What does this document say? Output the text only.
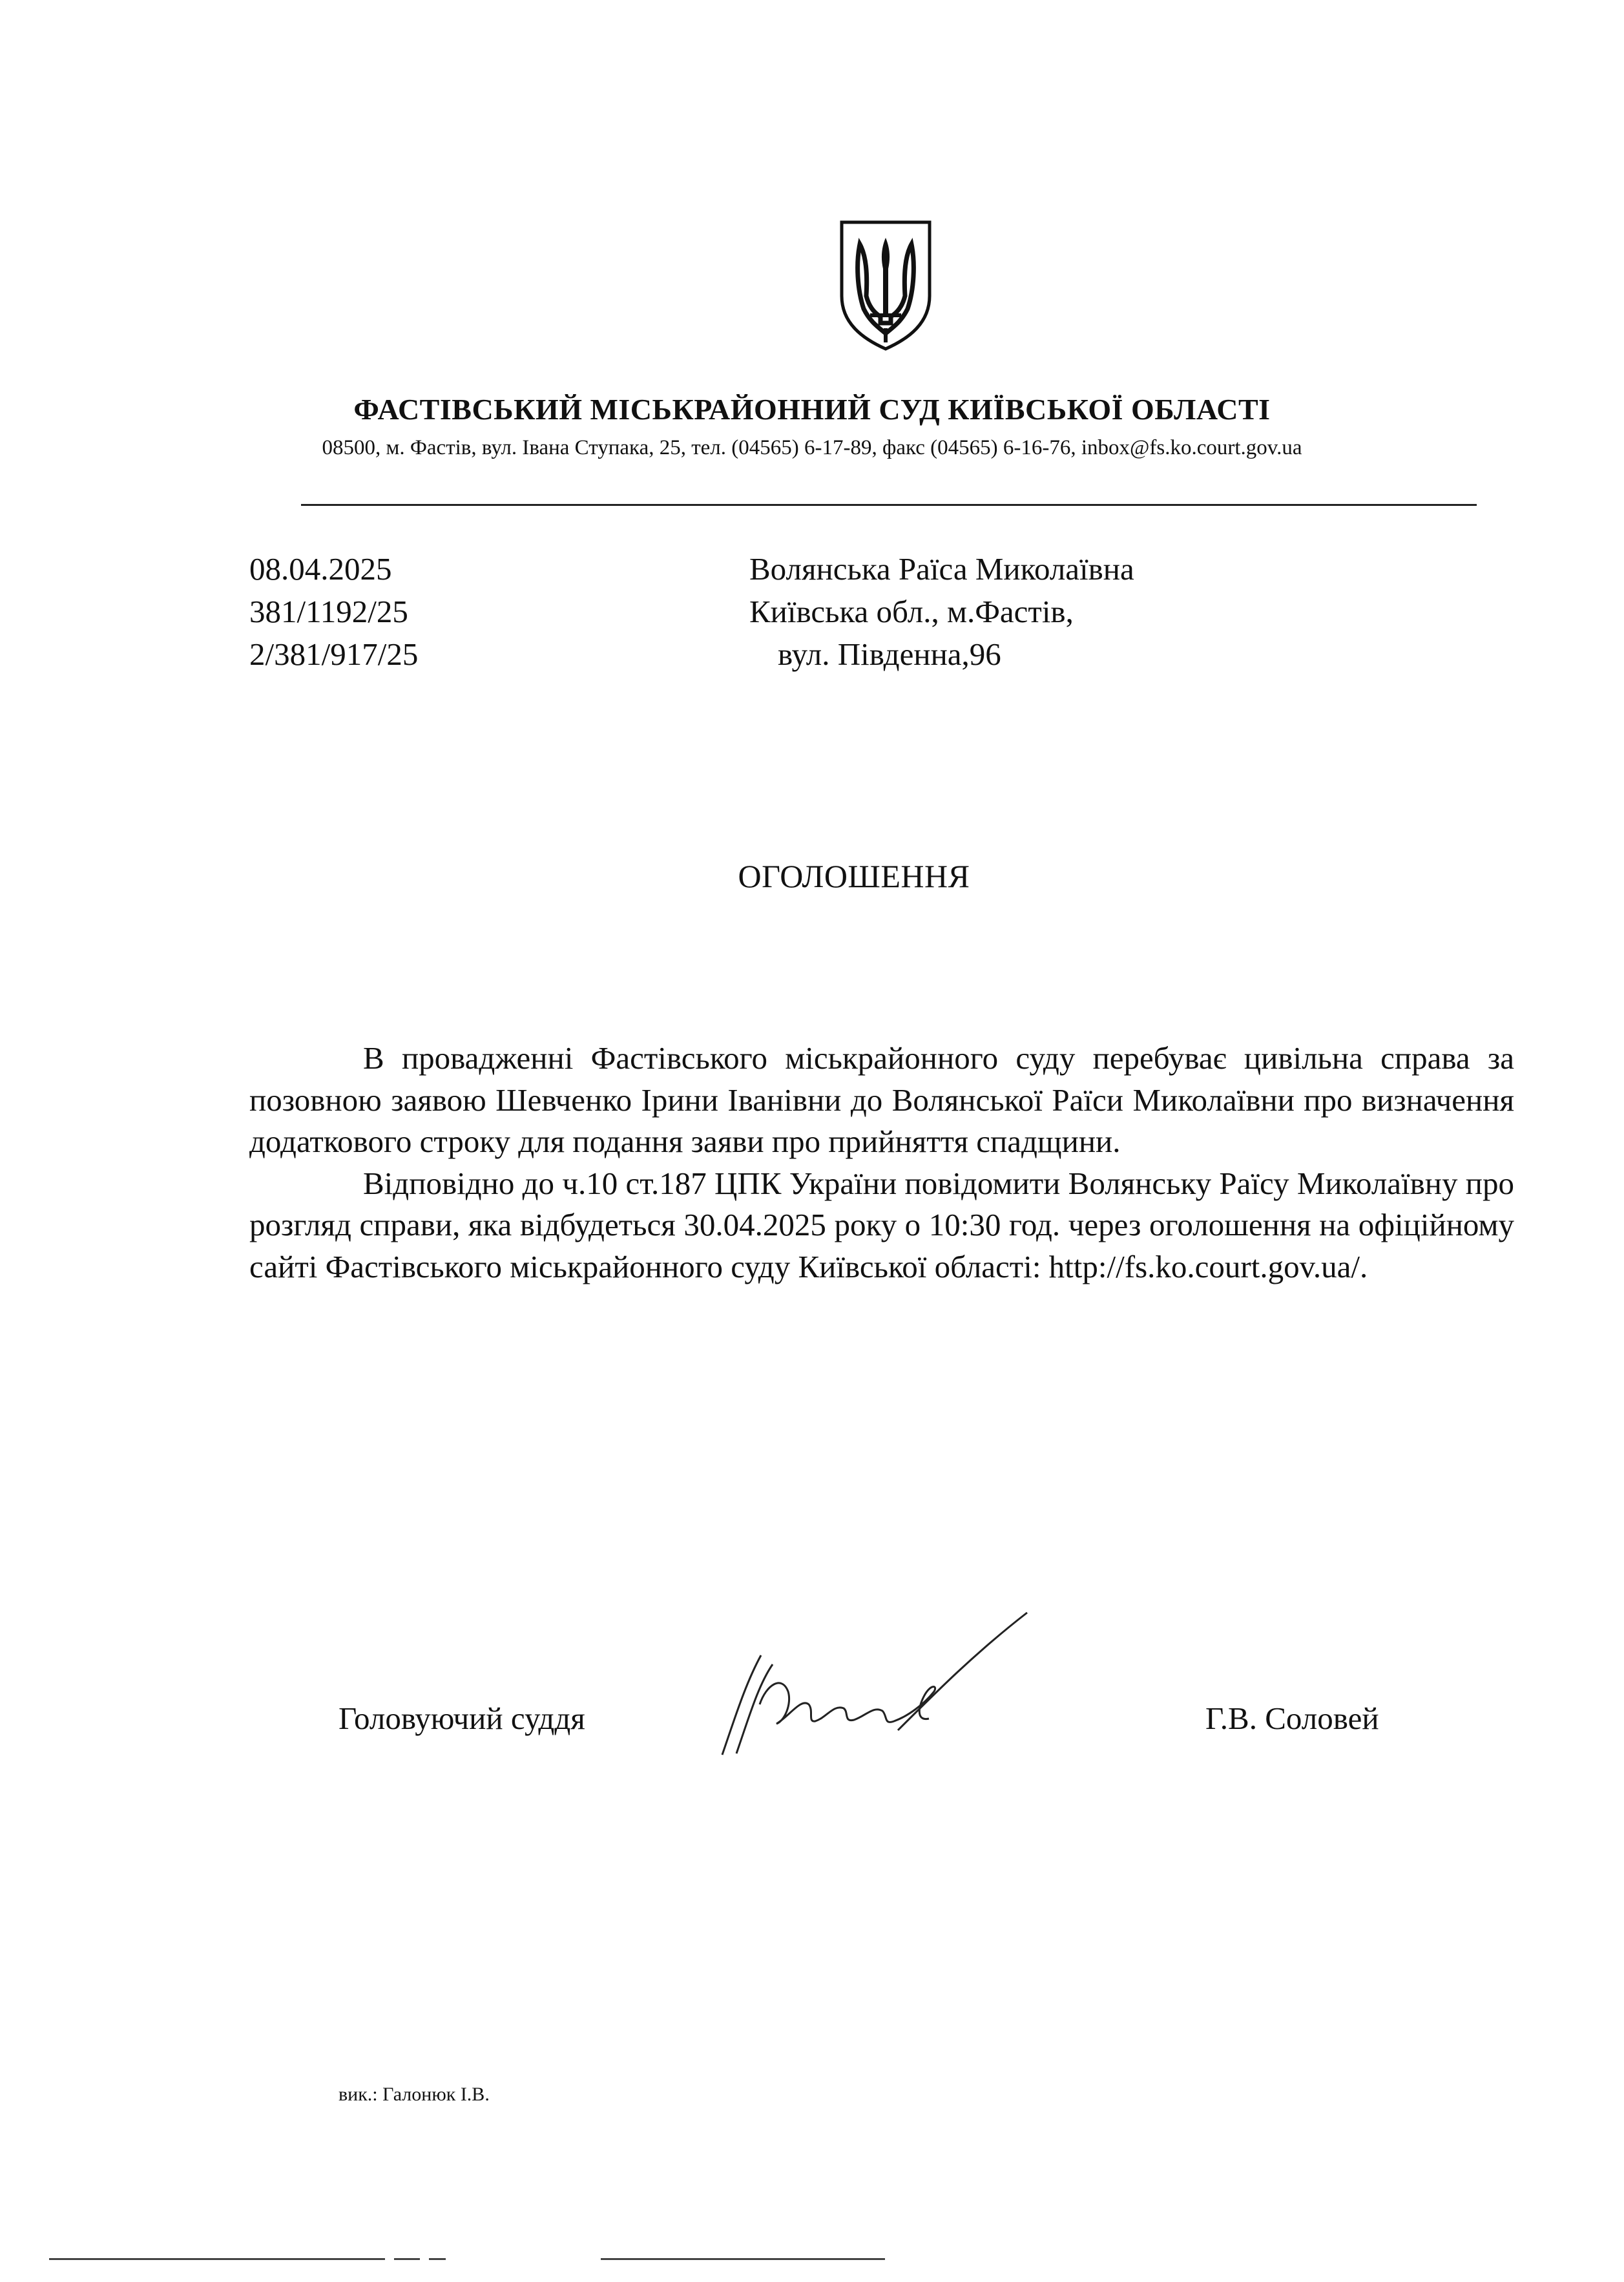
ФАСТІВСЬКИЙ МІСЬКРАЙОННИЙ СУД КИЇВСЬКОЇ ОБЛАСТІ
08500, м. Фастів, вул. Івана Ступака, 25, тел. (04565) 6-17-89, факс (04565) 6-16-76, inbox@fs.ko.court.gov.ua
08.04.2025
381/1192/25
2/381/917/25
Волянська Раїса Миколаївна
Київська обл., м.Фастів,
вул. Південна,96
ОГОЛОШЕННЯ

В провадженні Фастівського міськрайонного суду перебуває цивільна справа за позовною заявою Шевченко Ірини Іванівни до Волянської Раїси Миколаївни про визначення додаткового строку для подання заяви про прийняття спадщини.

Відповідно до ч.10 ст.187 ЦПК України повідомити Волянську Раїсу Миколаївну про розгляд справи, яка відбудеться 30.04.2025 року о 10:30 год. через оголошення на офіційному сайті Фастівського міськрайонного суду Київської області: http://fs.ko.court.gov.ua/.

Головуючий суддя	Г.В. Соловей
вик.: Галонюк І.В.
